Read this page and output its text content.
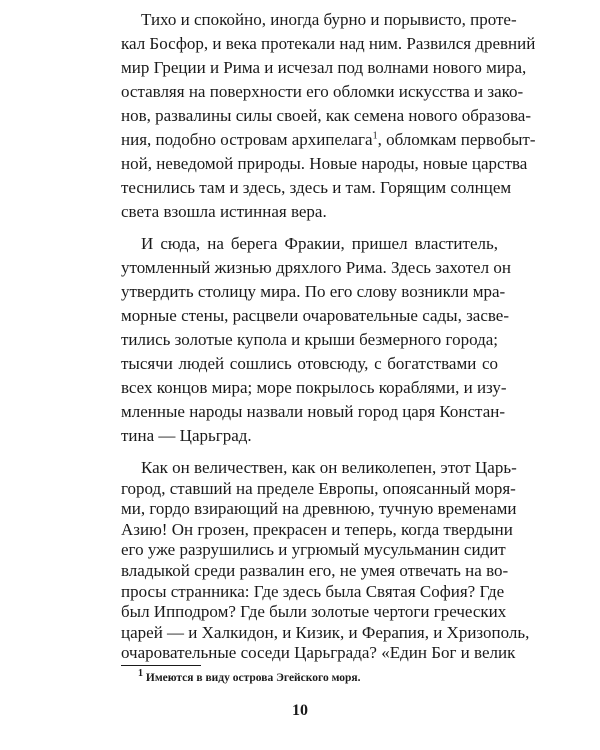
Тихо и спокойно, иногда бурно и порывисто, протe-
кал Босфор, и века протекали над ним. Развился древний
мир Греции и Рима и исчезал под волнами нового мира,
оставляя на поверхности его обломки искусства и зако-
нов, развалины силы своей, как семена нового образова-
ния, подобно островам архипелага$^1$, обломкам первобыт-
ной, неведомой природы. Новые народы, новые царства
теснились там и здесь, здесь и там. Горящим солнцем
света взошла истинная вера.
И сюда, на берега Фракии, пришел властитель,
утомленный жизнью дряхлого Рима. Здесь захотел он
утвердить столицу мира. По его слову возникли мра-
морные стены, расцвели очаровательные сады, засве-
тились золотые купола и крыши безмерного города;
тысячи людей сошлись отовсюду, с богатствами со
всех концов мира; море покрылось кораблями, и изу-
мленные народы назвали новый город царя Констан-
тина — Царьград.
Как он величествен, как он великолепен, этот Царь-
город, ставший на пределе Европы, опоясанный моря-
ми, гордо взирающий на древнюю, тучную временами
Азию! Он грозен, прекрасен и теперь, когда твердыни
его уже разрушились и угрюмый мусульманин сидит
владыкой среди развалин его, не умея отвечать на во-
просы странника: Где здесь была Святая София? Где
был Ипподром? Где были золотые чертоги греческих
$^1$ Имеются в виду острова Эгейского моря.
10
царей — и Халкидон, и Кизик, и Ферапия, и Хризополь,
очаровательные соседи Царьграда? «Един Бог и велик
